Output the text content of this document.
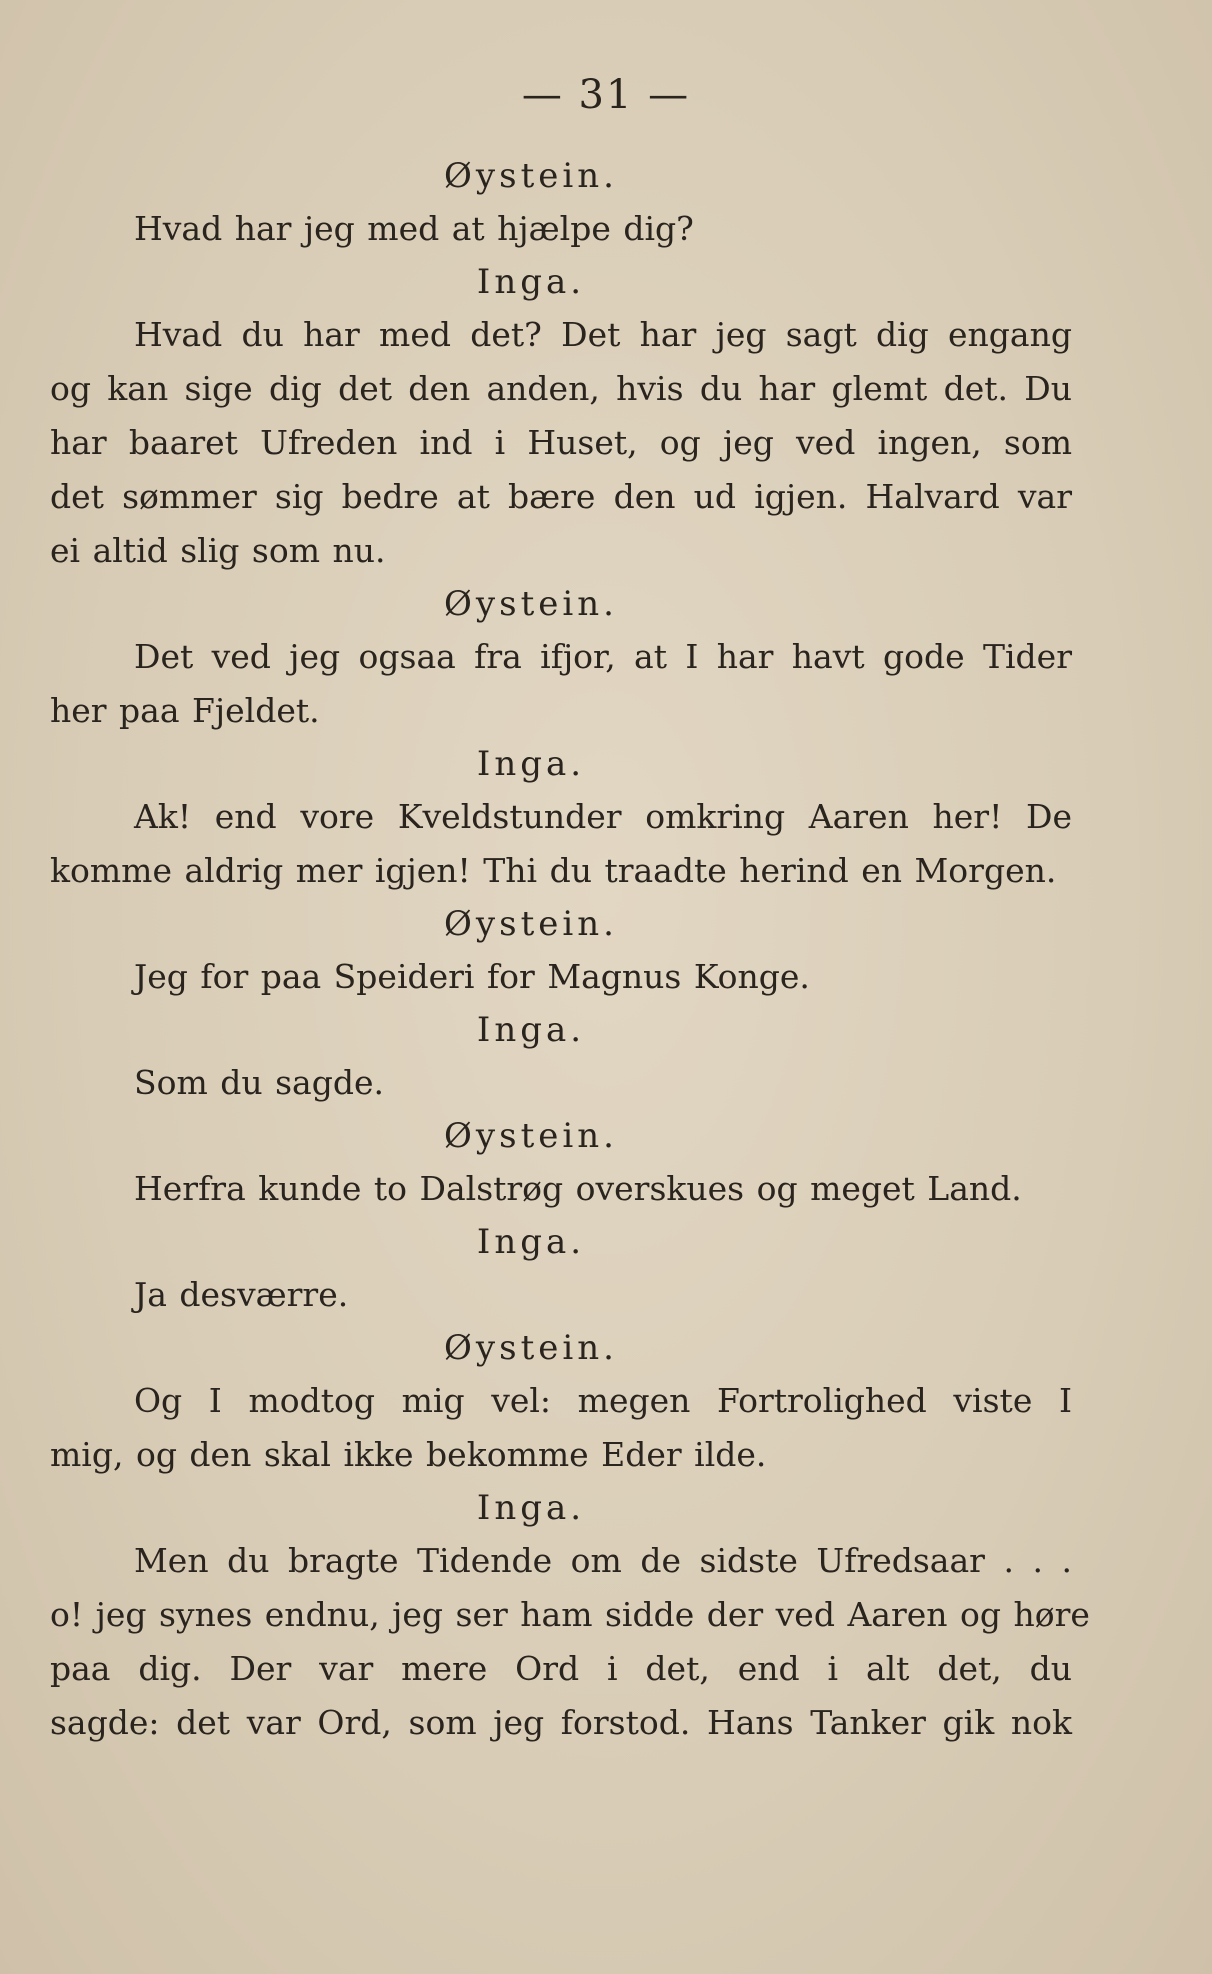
— 31 —
Øystein.
Hvad har jeg med at hjælpe dig?
Inga.
Hvad du har med det? Det har jeg sagt dig engang
og kan sige dig det den anden, hvis du har glemt det. Du
har baaret Ufreden ind i Huset, og jeg ved ingen, som
det sømmer sig bedre at bære den ud igjen. Halvard var
ei altid slig som nu.
Øystein.
Det ved jeg ogsaa fra ifjor, at I har havt gode Tider
her paa Fjeldet.
Inga.
Ak! end vore Kveldstunder omkring Aaren her! De
komme aldrig mer igjen! Thi du traadte herind en Morgen.
Øystein.
Jeg for paa Speideri for Magnus Konge.
Inga.
Som du sagde.
Øystein.
Herfra kunde to Dalstrøg overskues og meget Land.
Inga.
Ja desværre.
Øystein.
Og I modtog mig vel: megen Fortrolighed viste I
mig, og den skal ikke bekomme Eder ilde.
Inga.
Men du bragte Tidende om de sidste Ufredsaar . . .
o! jeg synes endnu, jeg ser ham sidde der ved Aaren og høre
paa dig. Der var mere Ord i det, end i alt det, du
sagde: det var Ord, som jeg forstod. Hans Tanker gik nok
